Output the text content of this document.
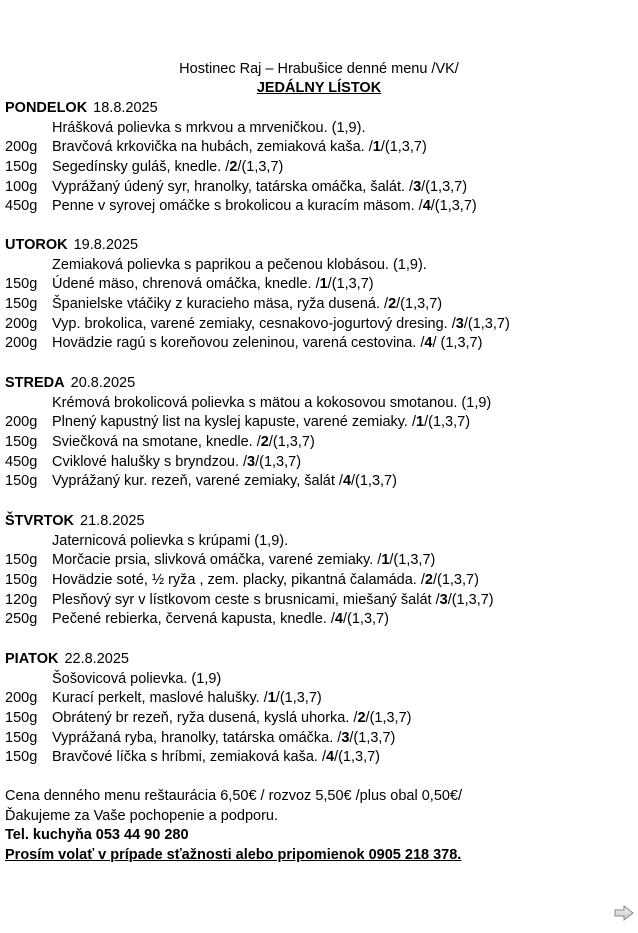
Hostinec Raj – Hrabušice denné menu /VK/
JEDÁLNY LÍSTOK
PONDELOK 18.8.2025
Hrášková polievka s mrkvou a mrveničkou. (1,9).
200g Bravčová krkovička na hubách, zemiaková kaša. /1/(1,3,7)
150g Segedínsky guláš, knedle. /2/(1,3,7)
100g Vyprážaný údený syr, hranolky, tatárska omáčka, šalát. /3/(1,3,7)
450g Penne v syrovej omáčke s brokolicou a kuracím mäsom. /4/(1,3,7)
UTOROK 19.8.2025
Zemiaková polievka s paprikou a pečenou klobásou. (1,9).
150g Údené mäso, chrenová omáčka, knedle. /1/(1,3,7)
150g Španielske vtáčiky z kuracieho mäsa, ryža dusená. /2/(1,3,7)
200g Vyp. brokolica, varené zemiaky, cesnakovo-jogurtový dresing. /3/(1,3,7)
200g Hovädzie ragú s koreňovou zeleninou, varená cestovina. /4/ (1,3,7)
STREDA 20.8.2025
Krémová brokolicová polievka s mätou a kokosovou smotanou. (1,9)
200g Plnený kapustný list na kyslej kapuste, varené zemiaky. /1/(1,3,7)
150g Sviečková na smotane, knedle. /2/(1,3,7)
450g Cviklové halušky s bryndzou. /3/(1,3,7)
150g Vyprážaný kur. rezeň, varené zemiaky, šalát /4/(1,3,7)
ŠTVRTOK 21.8.2025
Jaternicová polievka s krúpami (1,9).
150g Morčacie prsia, slivková omáčka, varené zemiaky. /1/(1,3,7)
150g Hovädzie soté, ½ ryža , zem. placky, pikantná čalamáda. /2/(1,3,7)
120g Plesňový syr v lístkovom ceste s brusnicami, miešaný šalát /3/(1,3,7)
250g Pečené rebierka, červená kapusta, knedle. /4/(1,3,7)
PIATOK 22.8.2025
Šošovicová polievka. (1,9)
200g Kurací perkelt, maslové halušky. /1/(1,3,7)
150g Obrátený br rezeň, ryža dusená, kyslá uhorka. /2/(1,3,7)
150g Vyprážaná ryba, hranolky, tatárska omáčka. /3/(1,3,7)
150g Bravčové líčka s hríbmi, zemiaková kaša. /4/(1,3,7)
Cena denného menu reštaurácia 6,50€ / rozvoz 5,50€ /plus obal 0,50€/
Ďakujeme za Vaše pochopenie a podporu.
Tel. kuchyňa 053 44 90 280
Prosím volať v prípade sťažnosti alebo pripomienok 0905 218 378.
